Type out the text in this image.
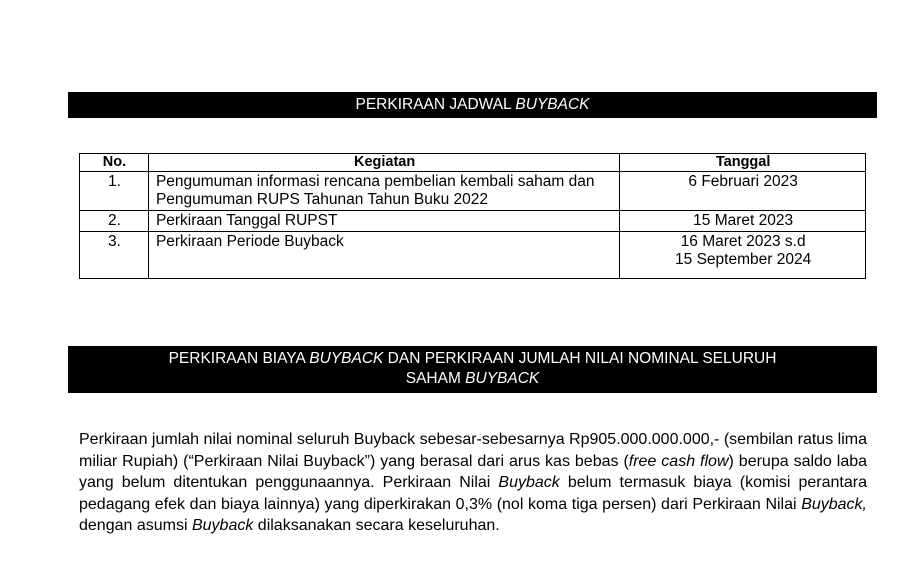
PERKIRAAN JADWAL BUYBACK
No.	Kegiatan	Tanggal
1.	Pengumuman informasi rencana pembelian kembali saham dan Pengumuman RUPS Tahunan Tahun Buku 2022	6 Februari 2023
2.	Perkiraan Tanggal RUPST	15 Maret 2023
3.	Perkiraan Periode Buyback	16 Maret 2023 s.d
15 September 2024
PERKIRAAN BIAYA BUYBACK DAN PERKIRAAN JUMLAH NILAI NOMINAL SELURUH
SAHAM BUYBACK
Perkiraan jumlah nilai nominal seluruh Buyback sebesar-sebesarnya Rp905.000.000.000,- (sembilan ratus lima miliar Rupiah) (“Perkiraan Nilai Buyback”) yang berasal dari arus kas bebas (free cash flow) berupa saldo laba yang belum ditentukan penggunaannya. Perkiraan Nilai Buyback belum termasuk biaya (komisi perantara pedagang efek dan biaya lainnya) yang diperkirakan 0,3% (nol koma tiga persen) dari Perkiraan Nilai Buyback, dengan asumsi Buyback dilaksanakan secara keseluruhan.
